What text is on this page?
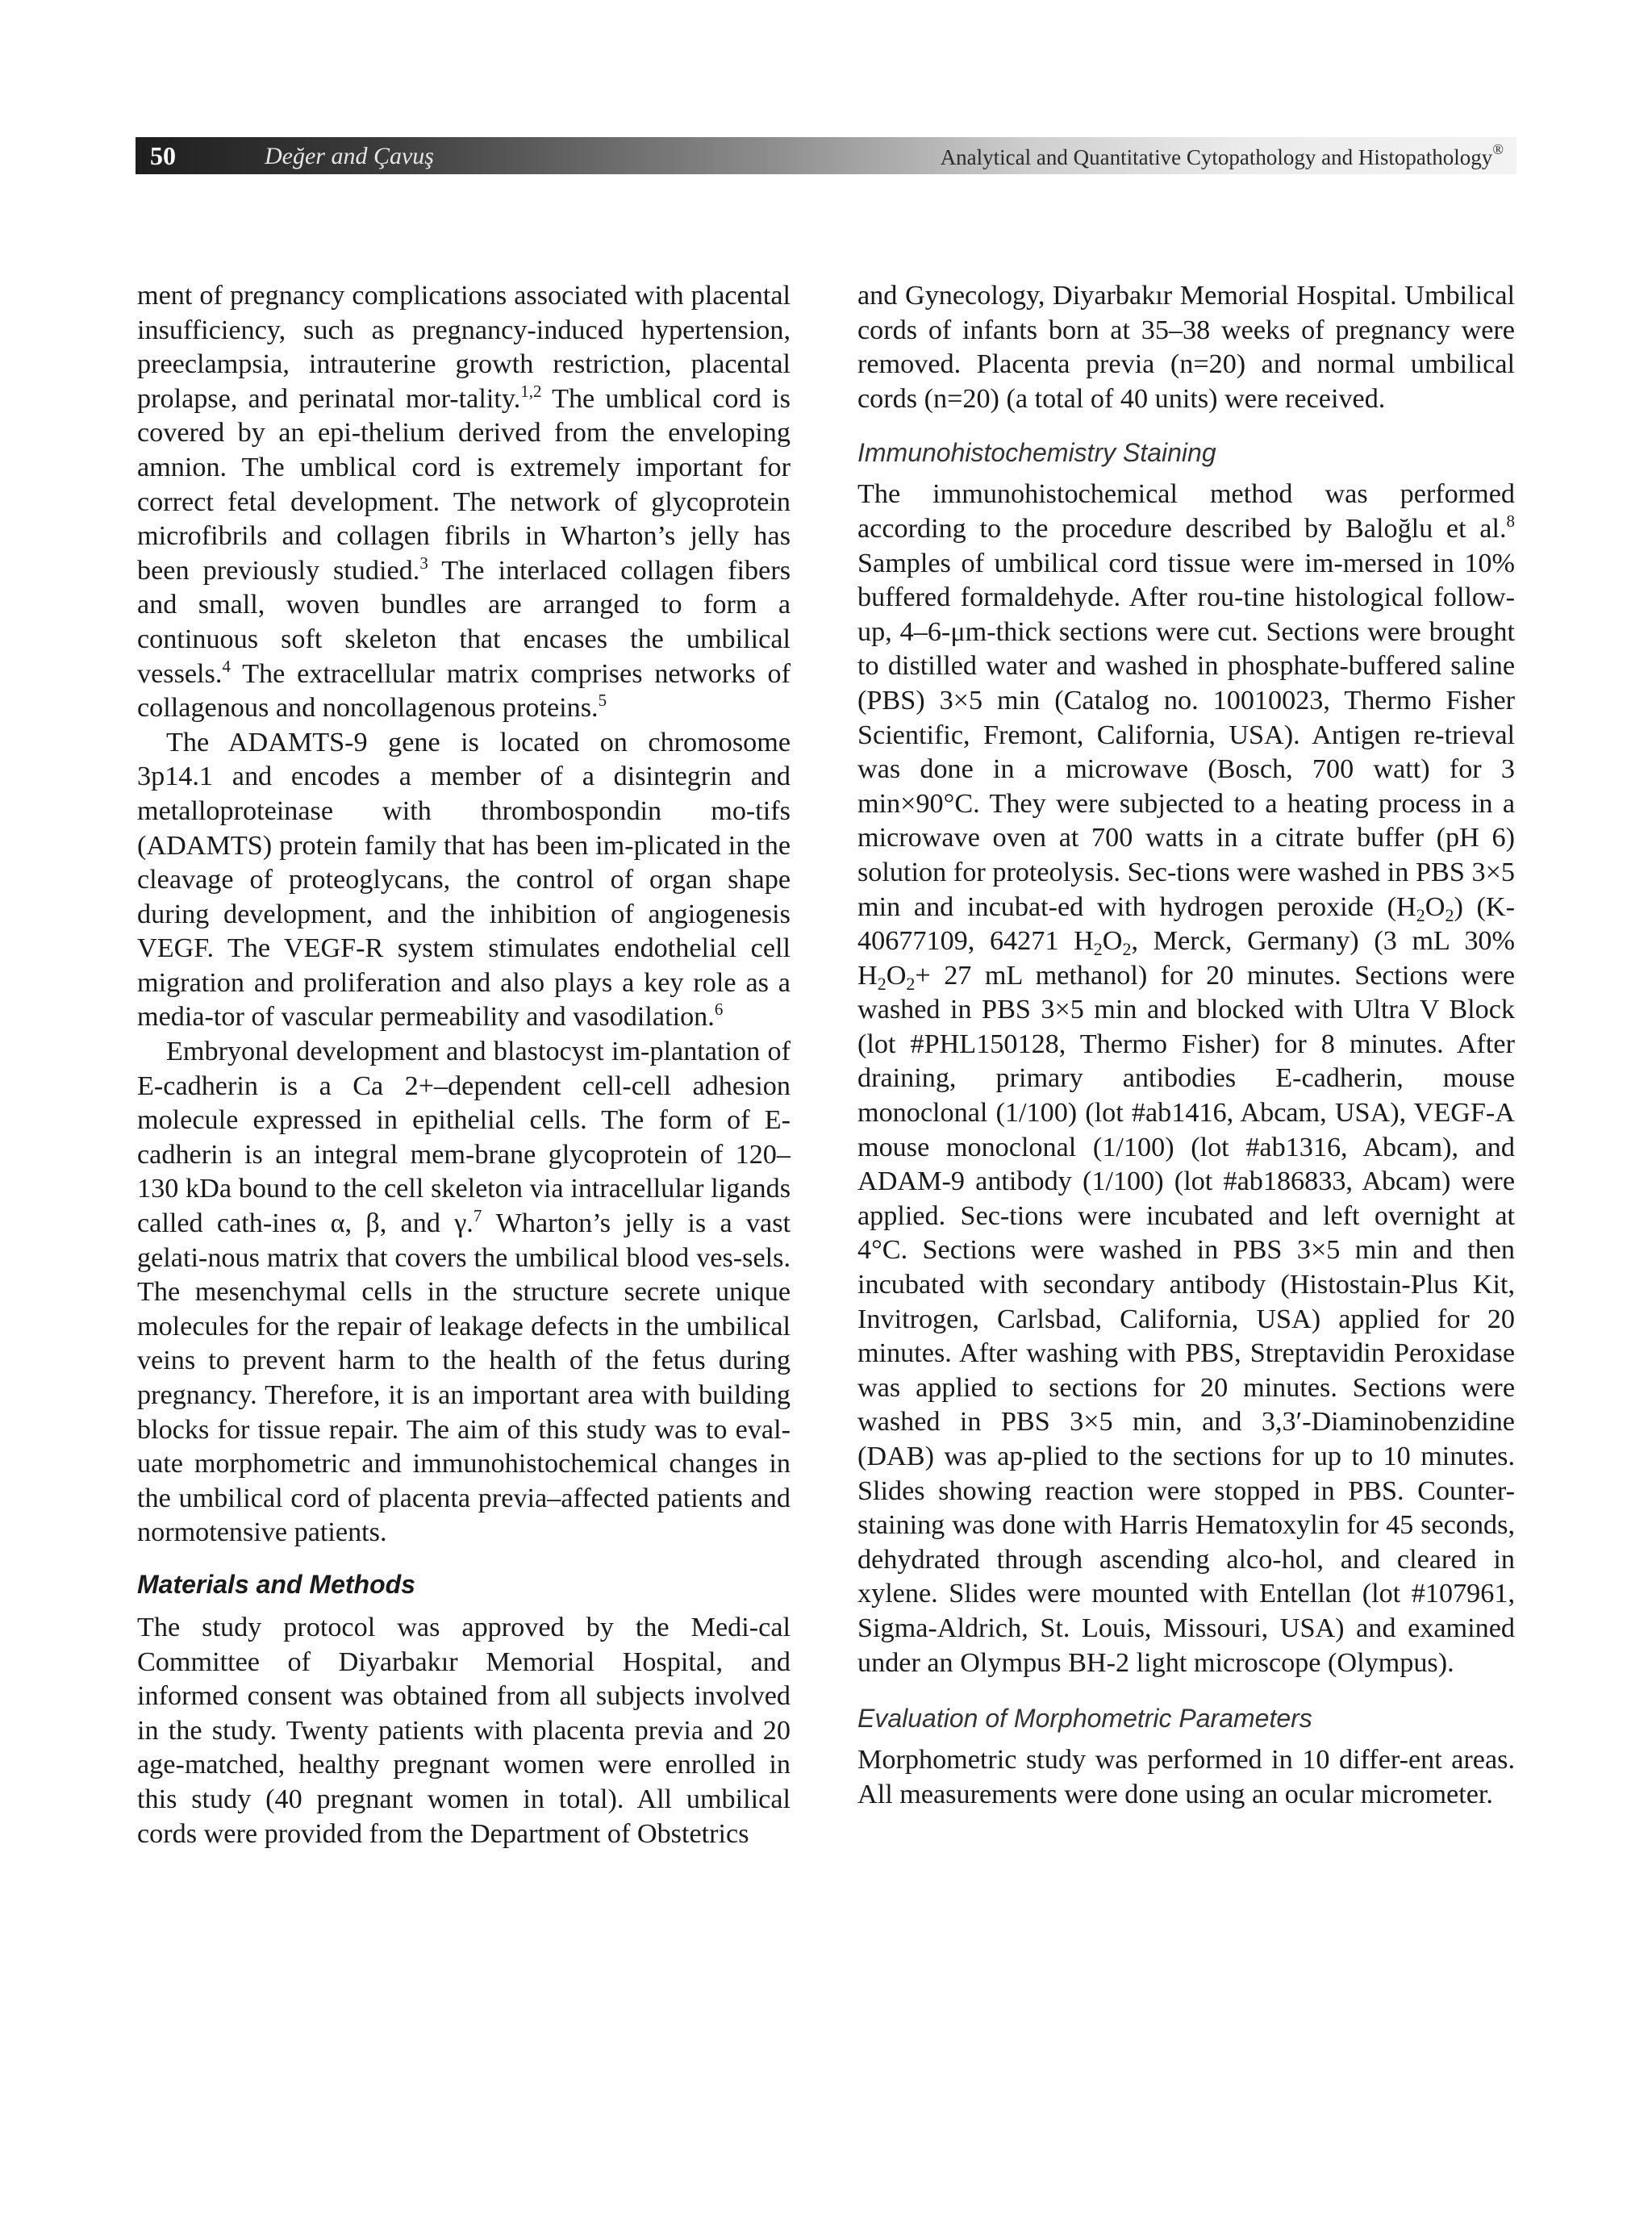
50	Değer and Çavuş	Analytical and Quantitative Cytopathology and Histopathology®

ment of pregnancy complications associated with placental insufficiency, such as pregnancy-induced hypertension, preeclampsia, intrauterine growth restriction, placental prolapse, and perinatal mor-tality.$^{1,2}$ The umblical cord is covered by an epi-thelium derived from the enveloping amnion. The umblical cord is extremely important for correct fetal development. The network of glycoprotein microfibrils and collagen fibrils in Wharton’s jelly has been previously studied.$^3$ The interlaced collagen fibers and small, woven bundles are arranged to form a continuous soft skeleton that encases the umbilical vessels.$^4$ The extracellular matrix comprises networks of collagenous and noncollagenous proteins.$^5$

The ADAMTS-9 gene is located on chromosome 3p14.1 and encodes a member of a disintegrin and metalloproteinase with thrombospondin mo-tifs (ADAMTS) protein family that has been im-plicated in the cleavage of proteoglycans, the control of organ shape during development, and the inhibition of angiogenesis VEGF. The VEGF-R system stimulates endothelial cell migration and proliferation and also plays a key role as a media-tor of vascular permeability and vasodilation.$^6$

Embryonal development and blastocyst im-plantation of E-cadherin is a Ca 2+–dependent cell-cell adhesion molecule expressed in epithelial cells. The form of E-cadherin is an integral mem-brane glycoprotein of 120–130 kDa bound to the cell skeleton via intracellular ligands called cath-ines α, β, and γ.$^7$ Wharton’s jelly is a vast gelati-nous matrix that covers the umbilical blood ves-sels. The mesenchymal cells in the structure secrete unique molecules for the repair of leakage defects in the umbilical veins to prevent harm to the health of the fetus during pregnancy. Therefore, it is an important area with building blocks for tissue repair. The aim of this study was to eval-uate morphometric and immunohistochemical changes in the umbilical cord of placenta previa–affected patients and normotensive patients.

Materials and Methods

The study protocol was approved by the Medi-cal Committee of Diyarbakır Memorial Hospital, and informed consent was obtained from all subjects involved in the study. Twenty patients with placenta previa and 20 age-matched, healthy pregnant women were enrolled in this study (40 pregnant women in total). All umbilical cords were provided from the Department of Obstetrics

and Gynecology, Diyarbakır Memorial Hospital. Umbilical cords of infants born at 35–38 weeks of pregnancy were removed. Placenta previa (n=20) and normal umbilical cords (n=20) (a total of 40 units) were received.

Immunohistochemistry Staining

The immunohistochemical method was performed according to the procedure described by Baloğlu et al.$^8$ Samples of umbilical cord tissue were im-mersed in 10% buffered formaldehyde. After rou-tine histological follow-up, 4–6-μm-thick sections were cut. Sections were brought to distilled water and washed in phosphate-buffered saline (PBS) 3×5 min (Catalog no. 10010023, Thermo Fisher Scientific, Fremont, California, USA). Antigen re-trieval was done in a microwave (Bosch, 700 watt) for 3 min×90°C. They were subjected to a heating process in a microwave oven at 700 watts in a citrate buffer (pH 6) solution for proteolysis. Sec-tions were washed in PBS 3×5 min and incubat-ed with hydrogen peroxide $(H_2O_2)$ (K-40677109, 64271 $H_2O_2$, Merck, Germany) (3 mL 30% $H_2O_2+ 27$ mL methanol) for 20 minutes. Sections were washed in PBS 3×5 min and blocked with Ultra V Block (lot #PHL150128, Thermo Fisher) for 8 minutes. After draining, primary antibodies E-cadherin, mouse monoclonal (1/100) (lot #ab1416, Abcam, USA), VEGF-A mouse monoclonal (1/100) (lot #ab1316, Abcam), and ADAM-9 antibody (1/100) (lot #ab186833, Abcam) were applied. Sec-tions were incubated and left overnight at 4°C. Sections were washed in PBS 3×5 min and then incubated with secondary antibody (Histostain-Plus Kit, Invitrogen, Carlsbad, California, USA) applied for 20 minutes. After washing with PBS, Streptavidin Peroxidase was applied to sections for 20 minutes. Sections were washed in PBS 3×5 min, and 3,3′-Diaminobenzidine (DAB) was ap-plied to the sections for up to 10 minutes. Slides showing reaction were stopped in PBS. Counter-staining was done with Harris Hematoxylin for 45 seconds, dehydrated through ascending alco-hol, and cleared in xylene. Slides were mounted with Entellan (lot #107961, Sigma-Aldrich, St. Louis, Missouri, USA) and examined under an Olympus BH-2 light microscope (Olympus).

Evaluation of Morphometric Parameters

Morphometric study was performed in 10 differ-ent areas. All measurements were done using an ocular micrometer.
